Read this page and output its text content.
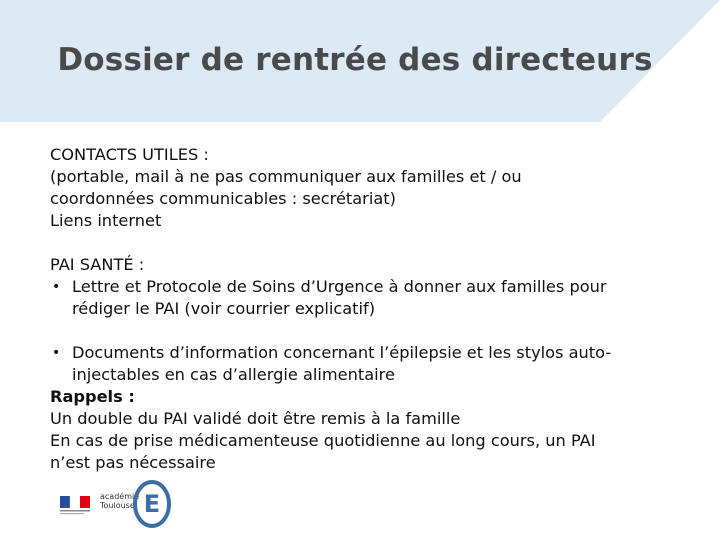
Dossier de rentrée des directeurs
CONTACTS UTILES :
(portable, mail à ne pas communiquer aux familles et / ou
coordonnées communicables : secrétariat)
Liens internet
PAI SANTÉ :
• Lettre et Protocole de Soins d’Urgence à donner aux familles pour
rédiger le PAI (voir courrier explicatif)
• Documents d’information concernant l’épilepsie et les stylos auto-
injectables en cas d’allergie alimentaire
Rappels :
Un double du PAI validé doit être remis à la famille
En cas de prise médicamenteuse quotidienne au long cours, un PAI
n’est pas nécessaire
académie
Toulouse E
